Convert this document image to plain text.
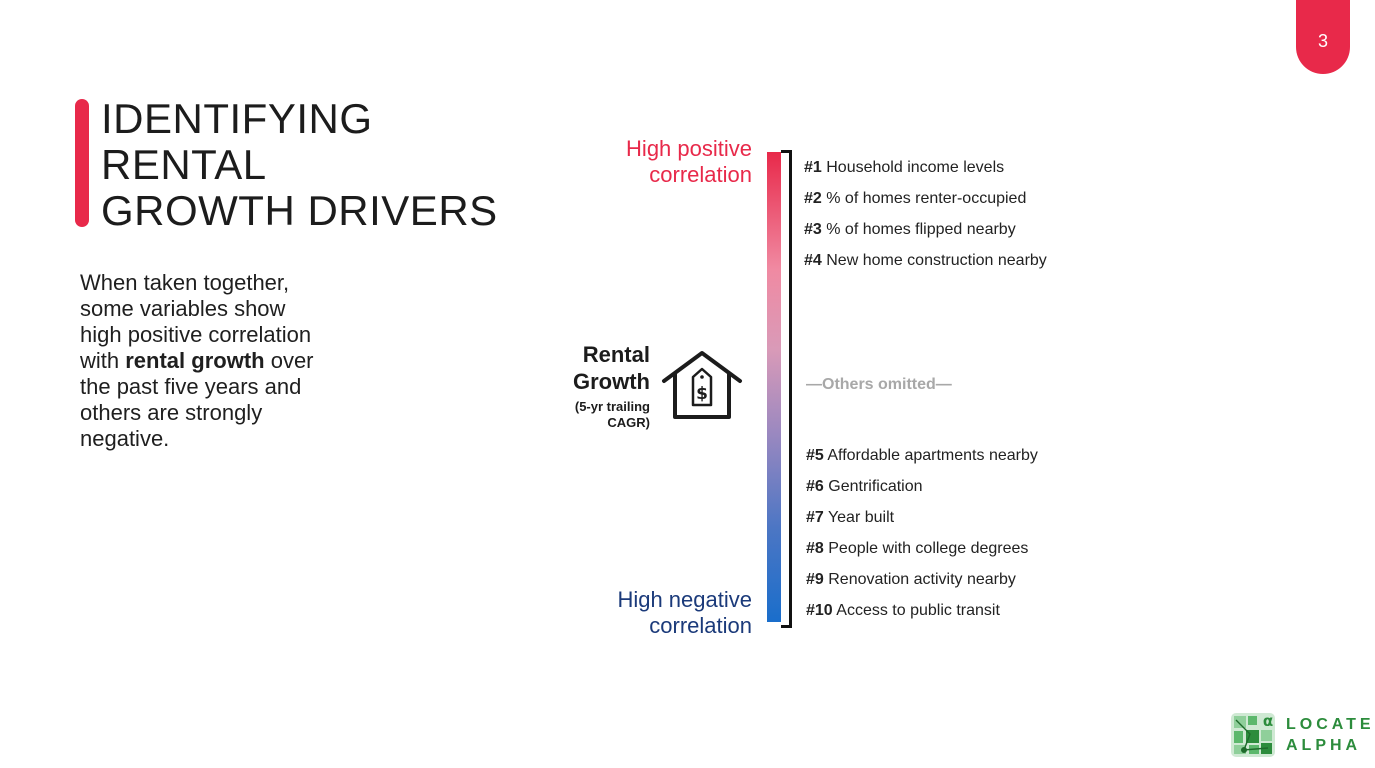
3
IDENTIFYING
RENTAL
GROWTH DRIVERS

When taken together, some variables show high positive correlation with rental growth over the past five years and others are strongly negative.

High positive correlation
High negative correlation
Rental Growth
(5-yr trailing CAGR)
$
#1 Household income levels
#2 % of homes renter-occupied
#3 % of homes flipped nearby
#4 New home construction nearby
—Others omitted—
#5 Affordable apartments nearby
#6 Gentrification
#7 Year built
#8 People with college degrees
#9 Renovation activity nearby
#10 Access to public transit
α LOCATE
ALPHA
